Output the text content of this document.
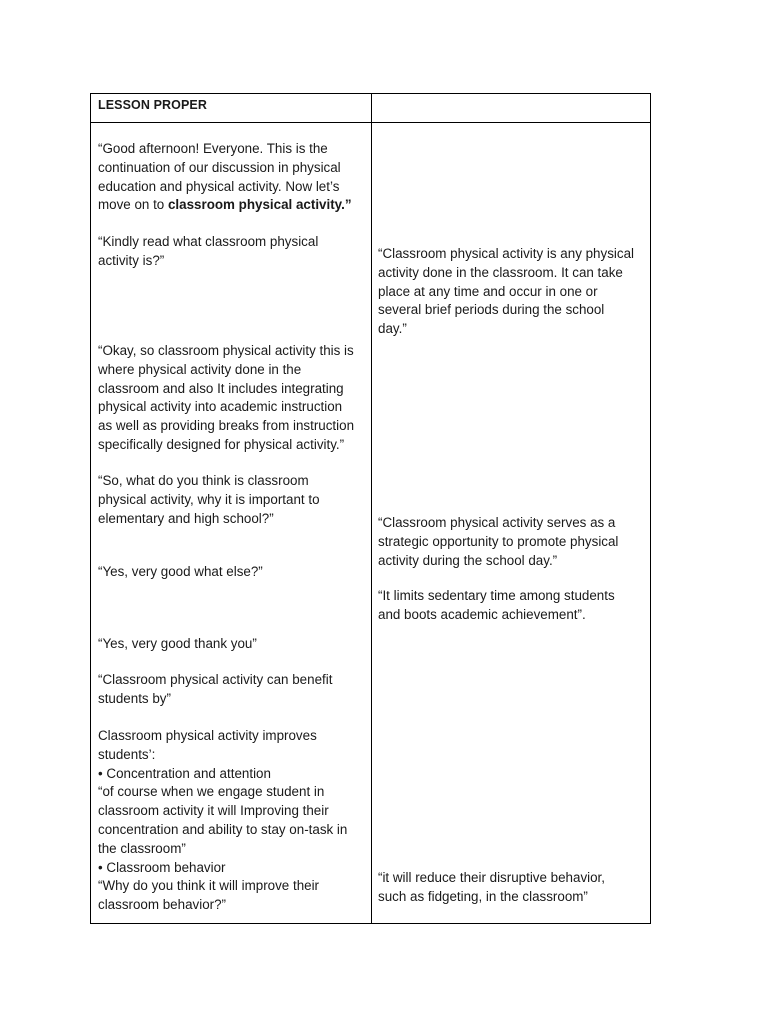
LESSON PROPER

“Good afternoon! Everyone. This is the
continuation of our discussion in physical
education and physical activity. Now let’s
move on to classroom physical activity.”

“Kindly read what classroom physical
activity is?”

“Okay, so classroom physical activity this is
where physical activity done in the
classroom and also It includes integrating
physical activity into academic instruction
as well as providing breaks from instruction
specifically designed for physical activity.”

“So, what do you think is classroom
physical activity, why it is important to
elementary and high school?”

“Yes, very good what else?”

“Yes, very good thank you”

“Classroom physical activity can benefit
students by”

Classroom physical activity improves
students’:
• Concentration and attention
“of course when we engage student in
classroom activity it will Improving their
concentration and ability to stay on-task in
the classroom”
• Classroom behavior
“Why do you think it will improve their
classroom behavior?”

“Classroom physical activity is any physical
activity done in the classroom. It can take
place at any time and occur in one or
several brief periods during the school
day.”

“Classroom physical activity serves as a
strategic opportunity to promote physical
activity during the school day.”

“It limits sedentary time among students
and boots academic achievement”.

“it will reduce their disruptive behavior,
such as fidgeting, in the classroom”
